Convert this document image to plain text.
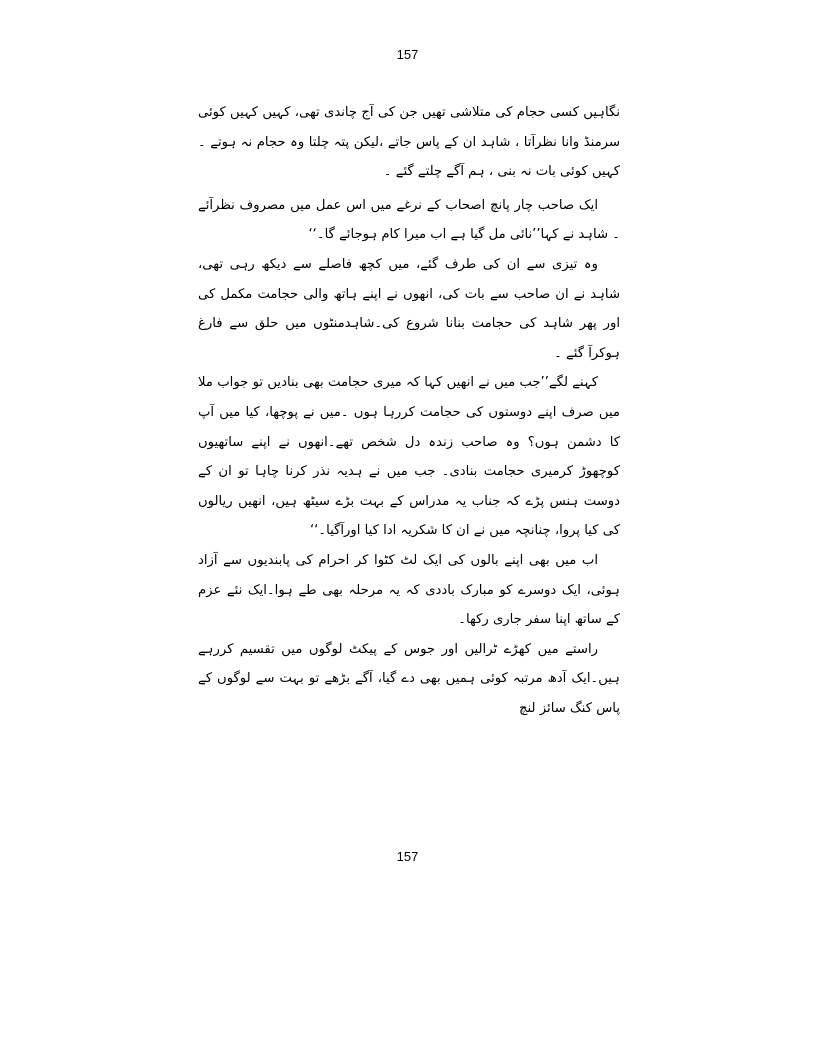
157

نگاہیں کسی حجام کی متلاشی تھیں جن کی آج چاندی تھی، کہیں کہیں کوئی سرمنڈ وانا نظرآتا ، شاہد ان کے پاس جاتے ،لیکن پتہ چلتا وہ حجام نہ ہوتے ۔کہیں کوئی بات نہ بنی ، ہم آگے چلتے گئے ۔

ایک صاحب چار پانچ اصحاب کے نرغے میں اس عمل میں مصروف نظرآئے ۔ شاہد نے کہا’’نائی مل گیا ہے اب میرا کام ہوجائے گا۔‘‘

وہ تیزی سے ان کی طرف گئے، میں کچھ فاصلے سے دیکھ رہی تھی، شاہد نے ان صاحب سے بات کی، انھوں نے اپنے ہاتھ والی حجامت مکمل کی اور پھر شاہد کی حجامت بنانا شروع کی۔شاہدمنٹوں میں حلق سے فارغ ہوکرآ گئے ۔

کہنے لگے’’جب میں نے انھیں کہا کہ میری حجامت بھی بنادیں تو جواب ملا میں صرف اپنے دوستوں کی حجامت کررہا ہوں ۔میں نے پوچھا، کیا میں آپ کا دشمن ہوں؟ وہ صاحب زندہ دل شخص تھے۔انھوں نے اپنے ساتھیوں کوچھوڑ کرمیری حجامت بنادی۔ جب میں نے ہدیہ نذر کرنا چاہا تو ان کے دوست ہنس پڑے کہ جناب یہ مدراس کے بہت بڑے سیٹھ ہیں، انھیں ریالوں کی کیا پروا، چنانچہ میں نے ان کا شکریہ ادا کیا اورآگیا۔‘‘

اب میں بھی اپنے بالوں کی ایک لٹ کٹوا کر احرام کی پابندیوں سے آزاد ہوئی، ایک دوسرے کو مبارک باددی کہ یہ مرحلہ بھی طے ہوا۔ایک نئے عزم کے ساتھ اپنا سفر جاری رکھا۔

راستے میں کھڑے ٹرالیں اور جوس کے پیکٹ لوگوں میں تقسیم کررہے ہیں۔ایک آدھ مرتبہ کوئی ہمیں بھی دے گیا، آگے بڑھے تو بہت سے لوگوں کے پاس کنگ سائز لنچ

157
